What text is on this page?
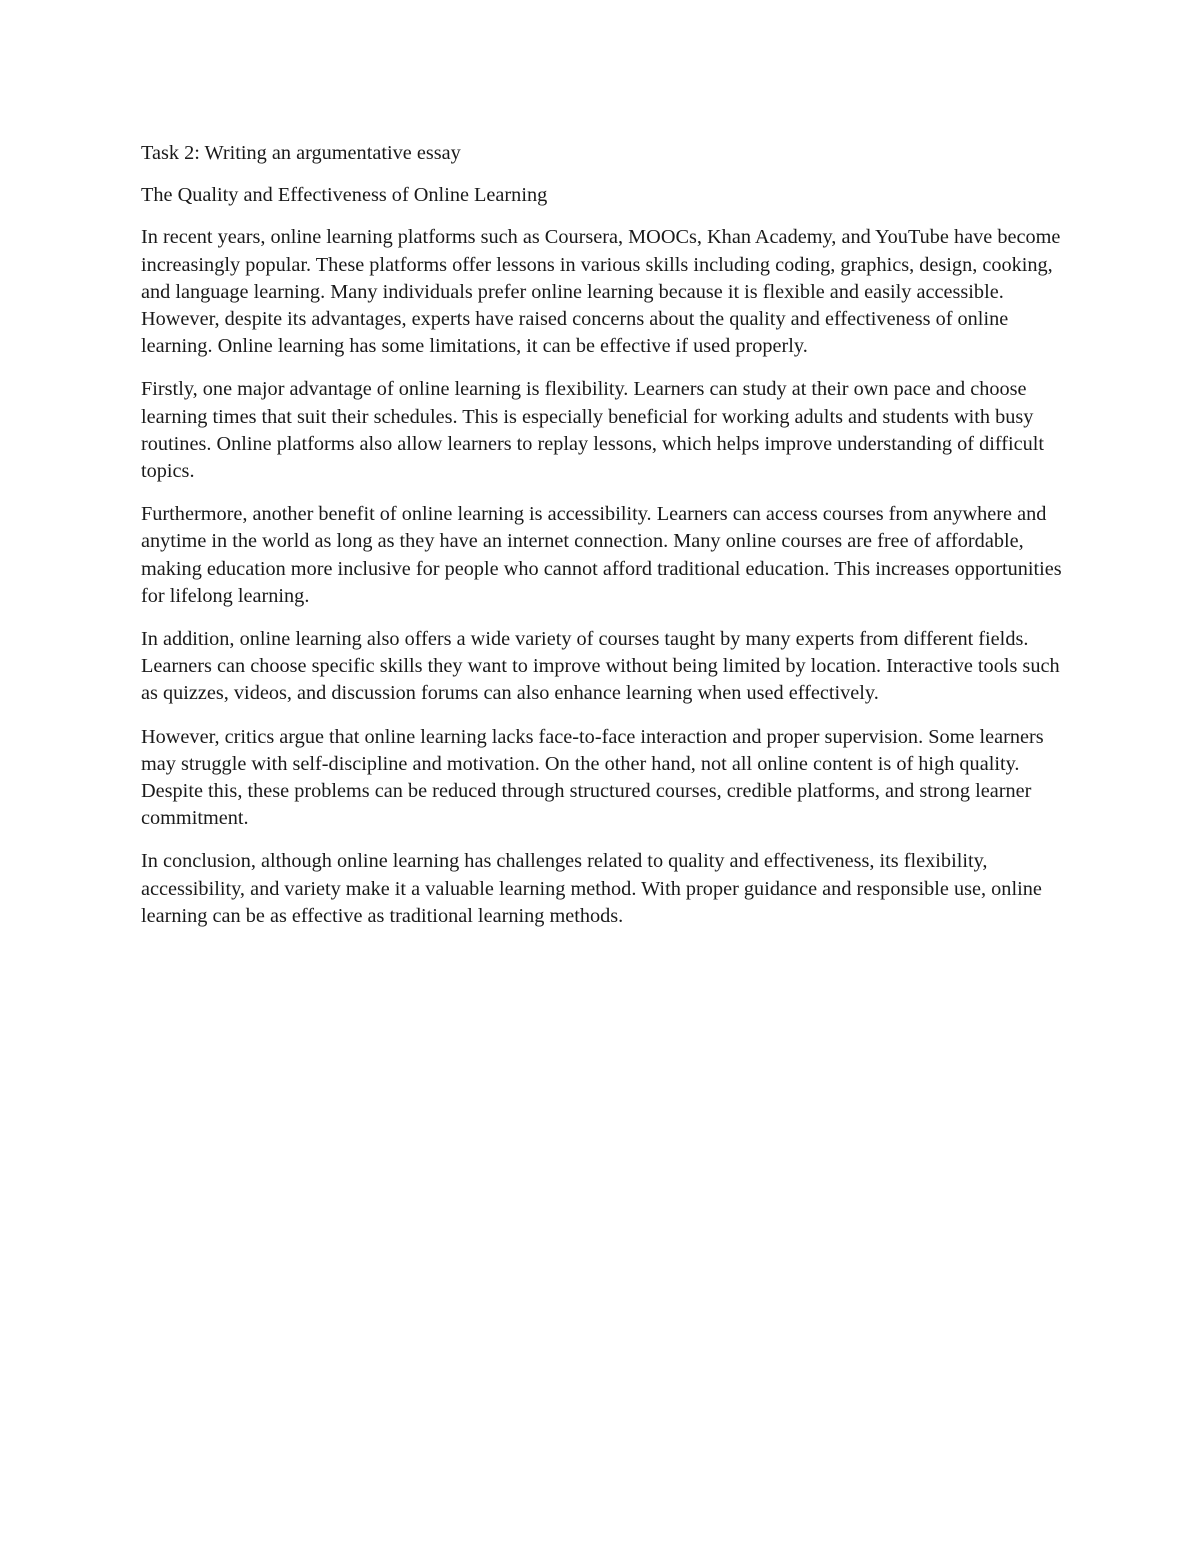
Task 2: Writing an argumentative essay

The Quality and Effectiveness of Online Learning

In recent years, online learning platforms such as Coursera, MOOCs, Khan Academy, and YouTube have become increasingly popular. These platforms offer lessons in various skills including coding, graphics, design, cooking, and language learning. Many individuals prefer online learning because it is flexible and easily accessible. However, despite its advantages, experts have raised concerns about the quality and effectiveness of online learning. Online learning has some limitations, it can be effective if used properly.

Firstly, one major advantage of online learning is flexibility. Learners can study at their own pace and choose learning times that suit their schedules. This is especially beneficial for working adults and students with busy routines. Online platforms also allow learners to replay lessons, which helps improve understanding of difficult topics.

Furthermore, another benefit of online learning is accessibility. Learners can access courses from anywhere and anytime in the world as long as they have an internet connection. Many online courses are free of affordable, making education more inclusive for people who cannot afford traditional education. This increases opportunities for lifelong learning.

In addition, online learning also offers a wide variety of courses taught by many experts from different fields. Learners can choose specific skills they want to improve without being limited by location. Interactive tools such as quizzes, videos, and discussion forums can also enhance learning when used effectively.

However, critics argue that online learning lacks face-to-face interaction and proper supervision. Some learners may struggle with self-discipline and motivation. On the other hand, not all online content is of high quality. Despite this, these problems can be reduced through structured courses, credible platforms, and strong learner commitment.

In conclusion, although online learning has challenges related to quality and effectiveness, its flexibility, accessibility, and variety make it a valuable learning method. With proper guidance and responsible use, online learning can be as effective as traditional learning methods.
